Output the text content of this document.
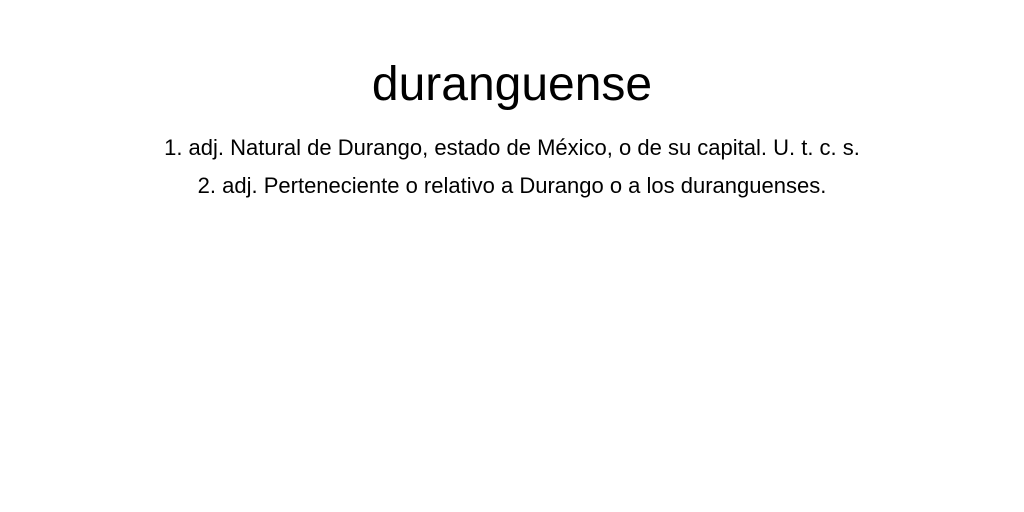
duranguense
1. adj. Natural de Durango, estado de México, o de su capital. U. t. c. s.
2. adj. Perteneciente o relativo a Durango o a los duranguenses.
